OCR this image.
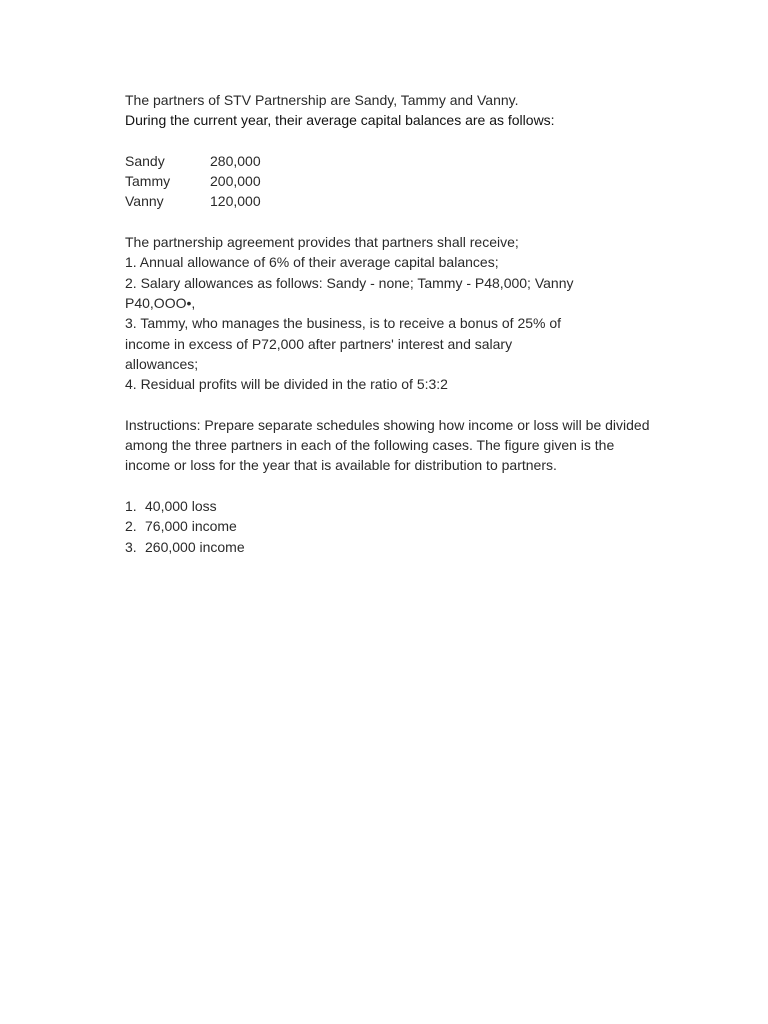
The partners of STV Partnership are Sandy, Tammy and Vanny.
During the current year, their average capital balances are as follows:
Sandy	280,000
Tammy	200,000
Vanny	120,000
The partnership agreement provides that partners shall receive;
1. Annual allowance of 6% of their average capital balances;
2. Salary allowances as follows: Sandy - none; Tammy - P48,000; Vanny
P40,OOO•,
3. Tammy, who manages the business, is to receive a bonus of 25% of
income in excess of P72,000 after partners' interest and salary
allowances;
4. Residual profits will be divided in the ratio of 5:3:2
Instructions: Prepare separate schedules showing how income or loss will be divided
among the three partners in each of the following cases. The figure given is the
income or loss for the year that is available for distribution to partners.
1. 40,000 loss
2. 76,000 income
3. 260,000 income
